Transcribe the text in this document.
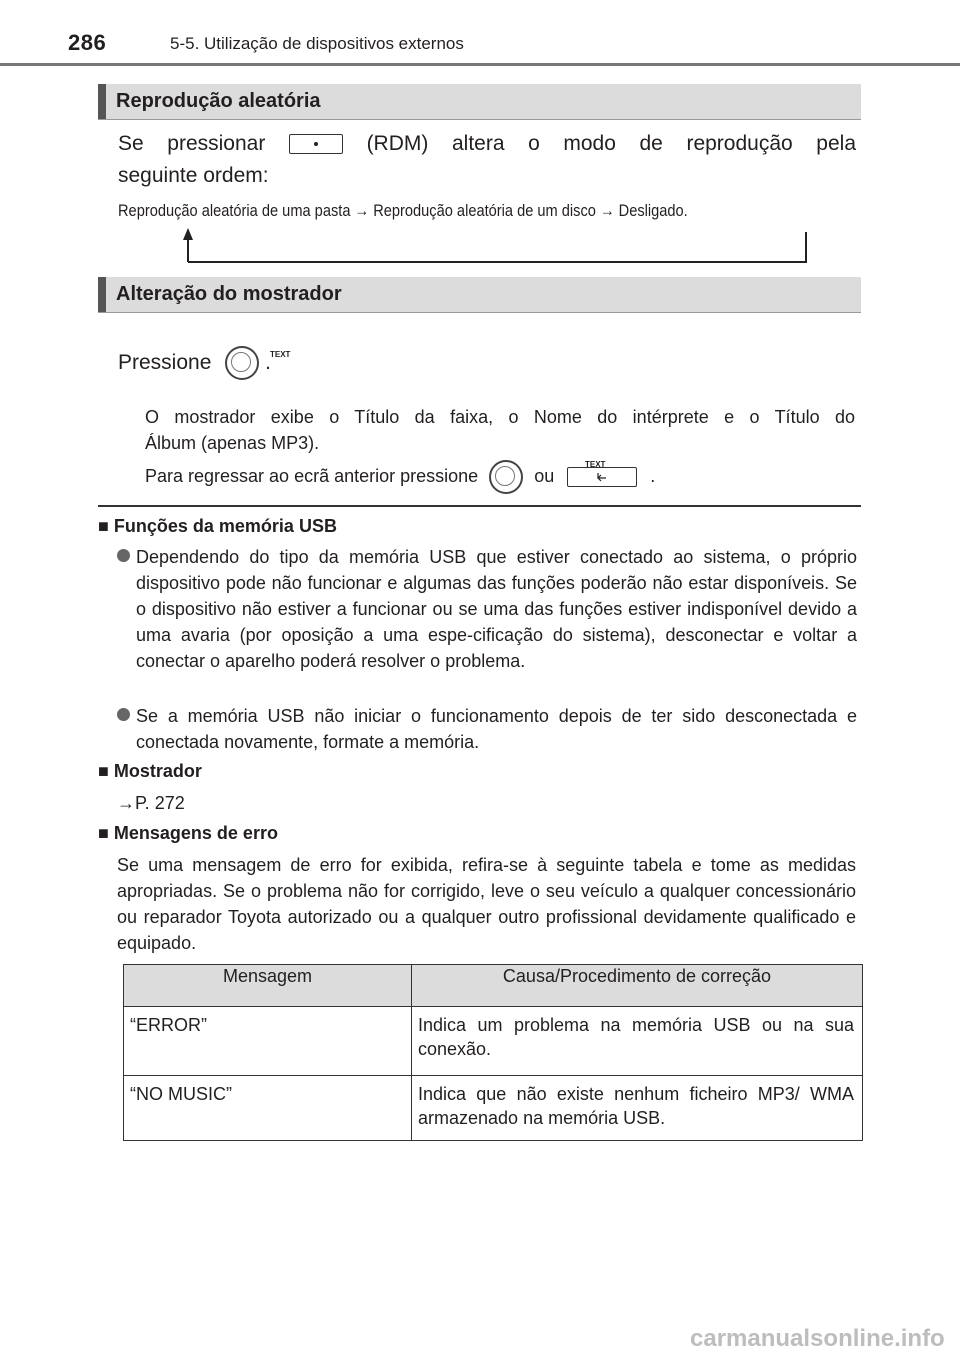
286	5-5. Utilização de dispositivos externos
Reprodução aleatória
Se pressionar	(RDM) altera o modo de reprodução pela
seguinte ordem:
Reprodução aleatória de uma pasta → Reprodução aleatória de um disco → Desligado.
Alteração do mostrador
Pressione	TEXT
.
O mostrador exibe o Título da faixa, o Nome do intérprete e o Título do
Álbum (apenas MP3).
Para regressar ao ecrã anterior pressione
TEXT
ou	.
■ Funções da memória USB
Dependendo do tipo da memória USB que estiver conectado ao sistema, o próprio dispositivo pode não funcionar e algumas das funções poderão não estar disponíveis. Se o dispositivo não estiver a funcionar ou se uma das funções estiver indisponível devido a uma avaria (por oposição a uma espe-cificação do sistema), desconectar e voltar a conectar o aparelho poderá resolver o problema.
Se a memória USB não iniciar o funcionamento depois de ter sido desconectada e conectada novamente, formate a memória.
■ Mostrador
→P. 272
■ Mensagens de erro
Se uma mensagem de erro for exibida, refira-se à seguinte tabela e tome as medidas apropriadas. Se o problema não for corrigido, leve o seu veículo a qualquer concessionário ou reparador Toyota autorizado ou a qualquer outro profissional devidamente qualificado e equipado.
Mensagem	Causa/Procedimento de correção
“ERROR”	Indica um problema na memória USB ou na sua conexão.
“NO MUSIC”	Indica que não existe nenhum ficheiro MP3/ WMA armazenado na memória USB.
carmanualsonline.info
